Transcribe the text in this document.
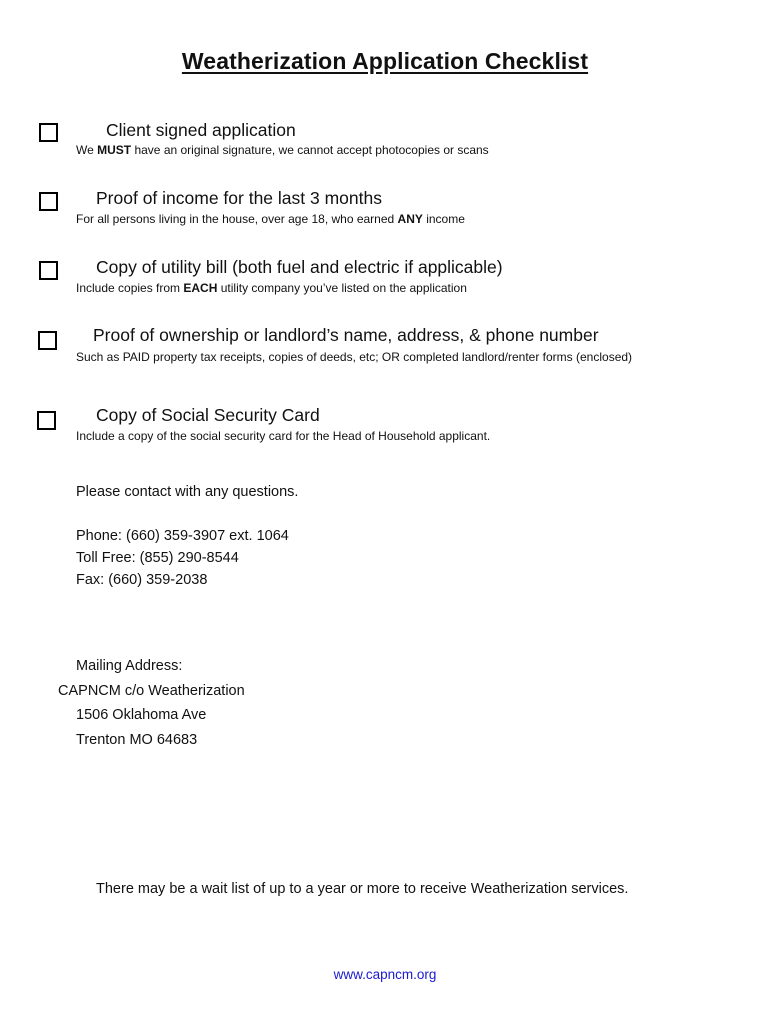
Weatherization Application Checklist
Client signed application
We MUST have an original signature, we cannot accept photocopies or scans
Proof of income for the last 3 months
For all persons living in the house, over age 18, who earned ANY income
Copy of utility bill (both fuel and electric if applicable)
Include copies from EACH utility company you’ve listed on the application
Proof of ownership or landlord’s name, address, & phone number
Such as PAID property tax receipts, copies of deeds, etc; OR completed landlord/renter forms (enclosed)
Copy of Social Security Card
Include a copy of the social security card for the Head of Household applicant.
Please contact with any questions.
Phone: (660) 359-3907 ext. 1064
Toll Free: (855) 290-8544
Fax: (660) 359-2038
Mailing Address:
CAPNCM c/o Weatherization
1506 Oklahoma Ave
Trenton MO 64683
There may be a wait list of up to a year or more to receive Weatherization services.
www.capncm.org
